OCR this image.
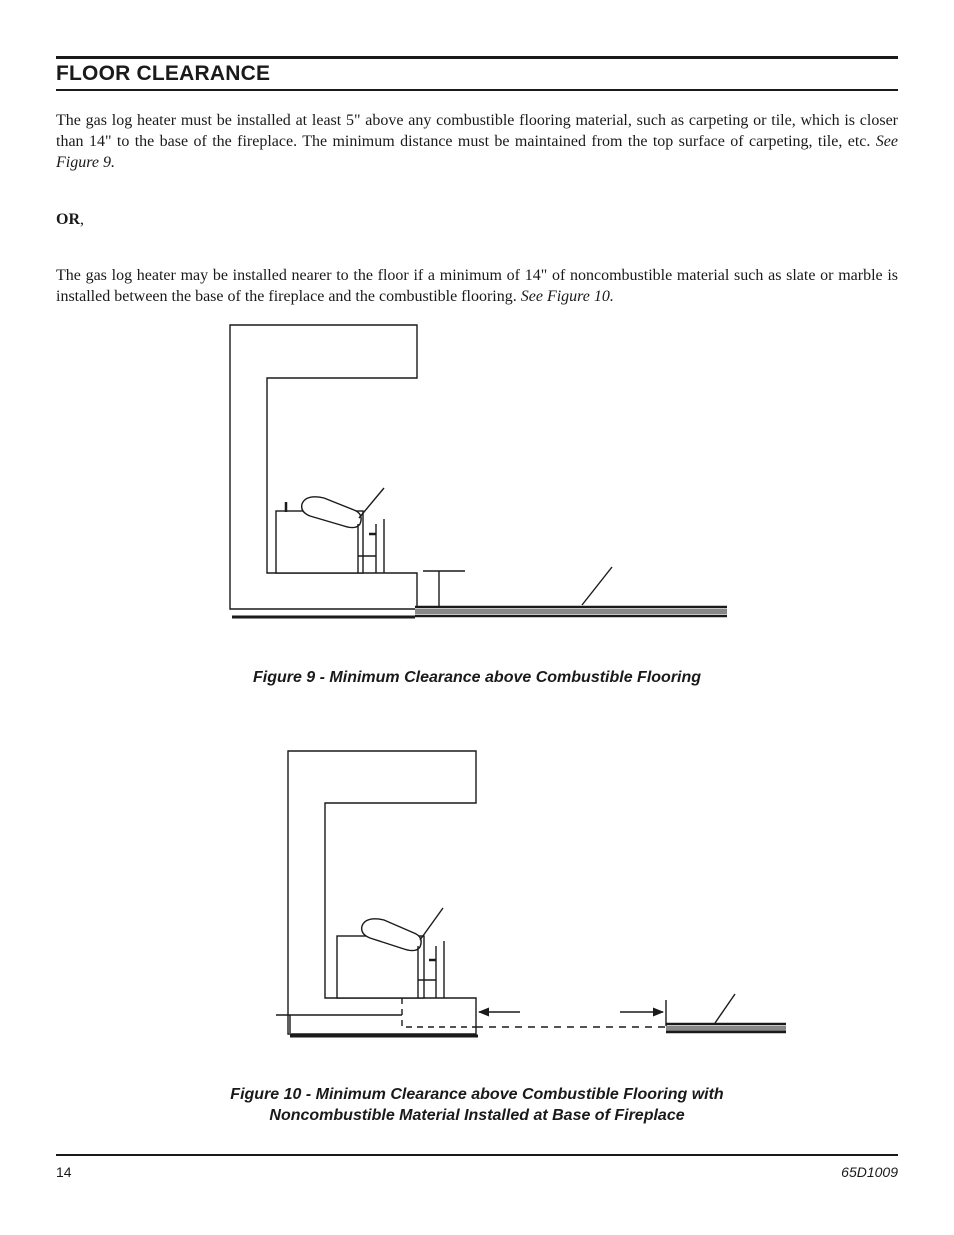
FLOOR CLEARANCE

The gas log heater must be installed at least 5" above any combustible flooring material, such as carpeting or tile, which is closer than 14" to the base of the fireplace. The minimum distance must be maintained from the top surface of carpeting, tile, etc. See Figure 9.

OR,

The gas log heater may be installed nearer to the floor if a minimum of 14" of noncombustible material such as slate or marble is installed between the base of the fireplace and the combustible flooring. See Figure 10.

Figure 9 - Minimum Clearance above Combustible Flooring

Figure 10 - Minimum Clearance above Combustible Flooring with
Noncombustible Material Installed at Base of Fireplace

14	65D1009
